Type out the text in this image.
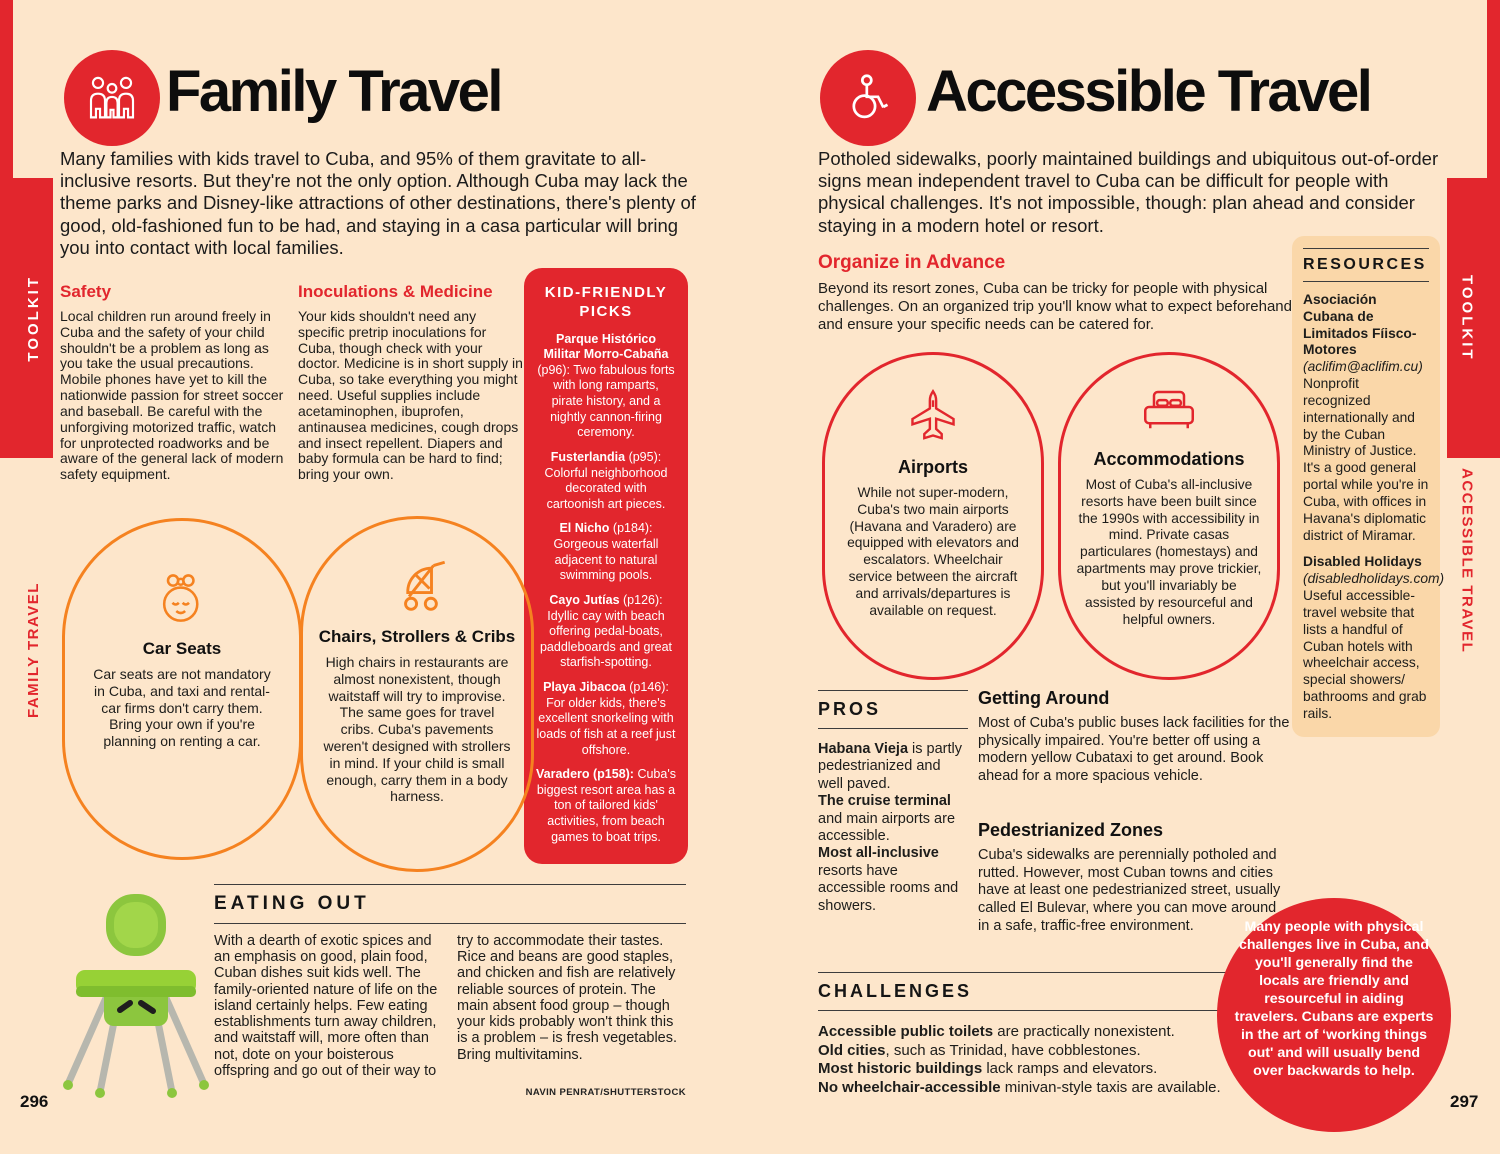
TOOLKIT
FAMILY TRAVEL
TOOLKIT
ACCESSIBLE TRAVEL
Family Travel
Many families with kids travel to Cuba, and 95% of them gravitate to all-inclusive resorts. But they're not the only option. Although Cuba may lack the theme parks and Disney-like attractions of other destinations, there's plenty of good, old-fashioned fun to be had, and staying in a casa particular will bring you into contact with local families.
Safety

Local children run around freely in Cuba and the safety of your child shouldn't be a problem as long as you take the usual precautions. Mobile phones have yet to kill the nationwide passion for street soccer and baseball. Be careful with the unforgiving motorized traffic, watch for unprotected roadworks and be aware of the general lack of modern safety equipment.

Inoculations & Medicine

Your kids shouldn't need any specific pretrip inoculations for Cuba, though check with your doctor. Medicine is in short supply in Cuba, so take everything you might need. Useful supplies include acetaminophen, ibuprofen, antinausea medicines, cough drops and insect repellent. Diapers and baby formula can be hard to find; bring your own.

KID-FRIENDLY
PICKS

Parque Histórico Militar Morro-Cabaña (p96): Two fabulous forts with long ramparts, pirate history, and a nightly cannon-firing ceremony.

Fusterlandia (p95): Colorful neighborhood decorated with cartoonish art pieces.

El Nicho (p184): Gorgeous waterfall adjacent to natural swimming pools.

Cayo Jutías (p126): Idyllic cay with beach offering pedal-boats, paddleboards and great starfish-spotting.

Playa Jibacoa (p146): For older kids, there's excellent snorkeling with loads of fish at a reef just offshore.

Varadero (p158): Cuba's biggest resort area has a ton of tailored kids' activities, from beach games to boat trips.

Car Seats

Car seats are not mandatory in Cuba, and taxi and rental-car firms don't carry them. Bring your own if you're planning on renting a car.

Chairs, Strollers & Cribs

High chairs in restaurants are almost nonexistent, though waitstaff will try to improvise. The same goes for travel cribs. Cuba's pavements weren't designed with strollers in mind. If your child is small enough, carry them in a body harness.

EATING OUT
With a dearth of exotic spices and an emphasis on good, plain food, Cuban dishes suit kids well. The family-oriented nature of life on the island certainly helps. Few eating establishments turn away children, and waitstaff will, more often than not, dote on your boisterous offspring and go out of their way to
try to accommodate their tastes. Rice and beans are good staples, and chicken and fish are relatively reliable sources of protein. The main absent food group – though your kids probably won't think this is a problem – is fresh vegetables. Bring multivitamins.
NAVIN PENRAT/SHUTTERSTOCK
296
Accessible Travel
Potholed sidewalks, poorly maintained buildings and ubiquitous out-of-order signs mean independent travel to Cuba can be difficult for people with physical challenges. It's not impossible, though: plan ahead and consider staying in a modern hotel or resort.
Organize in Advance

Beyond its resort zones, Cuba can be tricky for people with physical challenges. On an organized trip you'll know what to expect beforehand and ensure your specific needs can be catered for.

RESOURCES
Asociación Cubana de Limitados Fíisco-Motores (aclifim@aclifim.cu) Nonprofit recognized internationally and by the Cuban Ministry of Justice. It's a good general portal while you're in Cuba, with offices in Havana's diplomatic district of Miramar.
Disabled Holidays (disabledholidays.com) Useful accessible-travel website that lists a handful of Cuban hotels with wheelchair access, special showers/ bathrooms and grab rails.
Airports

While not super-modern, Cuba's two main airports (Havana and Varadero) are equipped with elevators and escalators. Wheelchair service between the aircraft and arrivals/departures is available on request.

Accommodations

Most of Cuba's all-inclusive resorts have been built since the 1990s with accessibility in mind. Private casas particulares (homestays) and apartments may prove trickier, but you'll invariably be assisted by resourceful and helpful owners.

PROS
Habana Vieja is partly pedestrianized and well paved.
The cruise terminal and main airports are accessible.
Most all-inclusive resorts have accessible rooms and showers.
Getting Around

Most of Cuba's public buses lack facilities for the physically impaired. You're better off using a modern yellow Cubataxi to get around. Book ahead for a more spacious vehicle.

Pedestrianized Zones

Cuba's sidewalks are perennially potholed and rutted. However, most Cuban towns and cities have at least one pedestrianized street, usually called El Bulevar, where you can move around in a safe, traffic-free environment.

CHALLENGES
Accessible public toilets are practically nonexistent.
Old cities, such as Trinidad, have cobblestones.
Most historic buildings lack ramps and elevators.
No wheelchair-accessible minivan-style taxis are available.

Many people with physical challenges live in Cuba, and you'll generally find the locals are friendly and resourceful in aiding travelers. Cubans are experts in the art of ‘working things out' and will usually bend over backwards to help.

297
